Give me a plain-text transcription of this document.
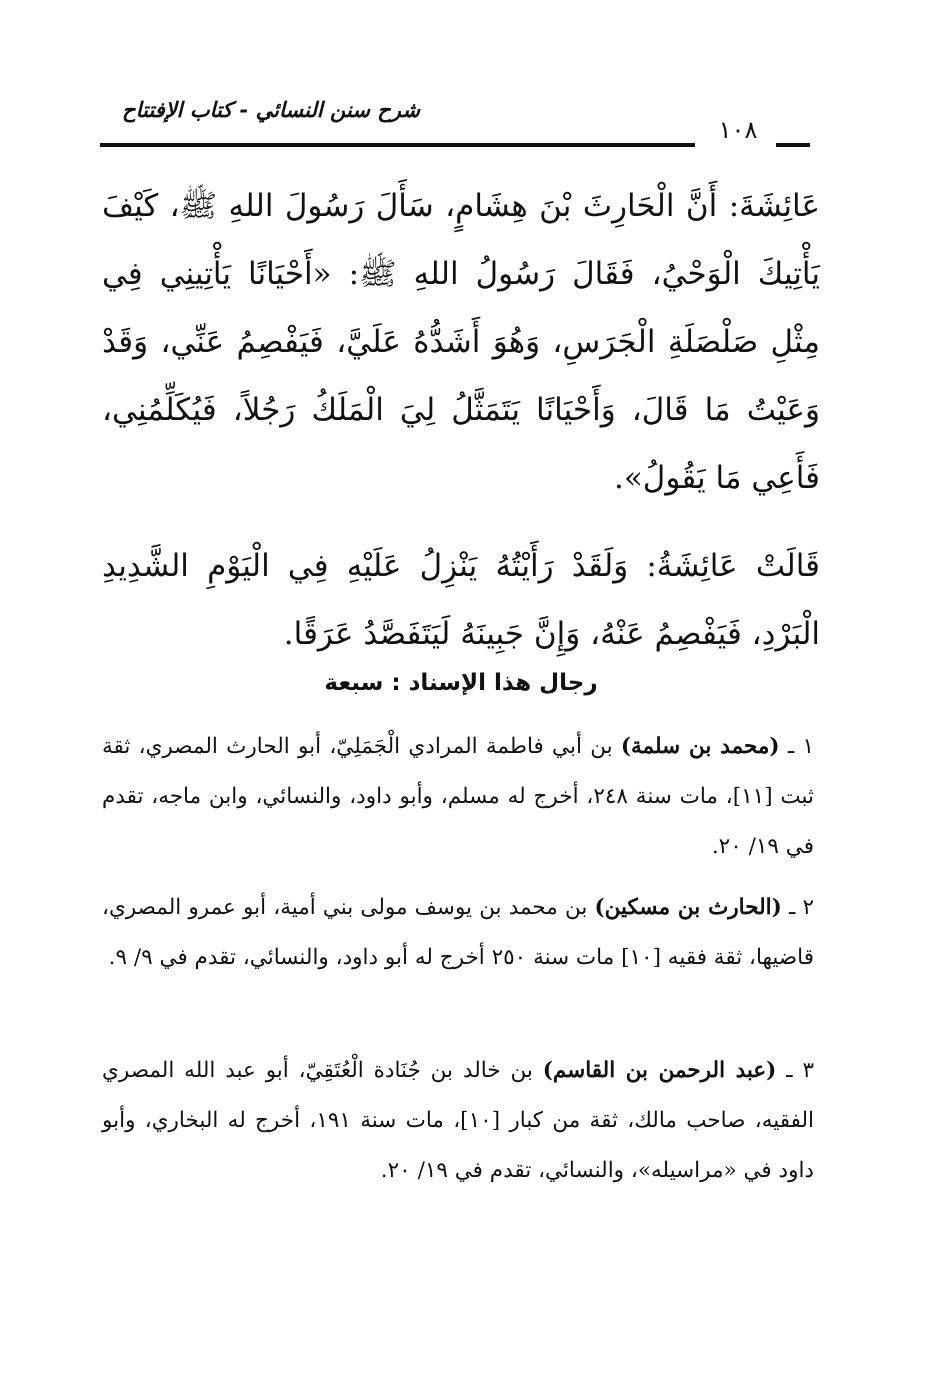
شرح سنن النسائي - كتاب الإفتتاح
١٠٨
عَائِشَةَ: أَنَّ الْحَارِثَ بْنَ هِشَامٍ، سَأَلَ رَسُولَ اللهِ ﷺ، كَيْفَ يَأْتِيكَ الْوَحْيُ، فَقَالَ رَسُولُ اللهِ ﷺ: «أَحْيَانًا يَأْتِينِي فِي مِثْلِ صَلْصَلَةِ الْجَرَسِ، وَهُوَ أَشَدُّهُ عَلَيَّ، فَيَفْصِمُ عَنِّي، وَقَدْ وَعَيْتُ مَا قَالَ، وَأَحْيَانًا يَتَمَثَّلُ لِيَ الْمَلَكُ رَجُلاً، فَيُكَلِّمُنِي، فَأَعِي مَا يَقُولُ».
قَالَتْ عَائِشَةُ: وَلَقَدْ رَأَيْتُهُ يَنْزِلُ عَلَيْهِ فِي الْيَوْمِ الشَّدِيدِ الْبَرْدِ، فَيَفْصِمُ عَنْهُ، وَإِنَّ جَبِينَهُ لَيَتَفَصَّدُ عَرَقًا.
رجال هذا الإسناد : سبعة
١ ـ (محمد بن سلمة) بن أبي فاطمة المرادي الْجَمَلِيّ، أبو الحارث المصري، ثقة ثبت [١١]، مات سنة ٢٤٨، أخرج له مسلم، وأبو داود، والنسائي، وابن ماجه، تقدم في ١٩/ ٢٠.
٢ ـ (الحارث بن مسكين) بن محمد بن يوسف مولى بني أمية، أبو عمرو المصري، قاضيها، ثقة فقيه [١٠] مات سنة ٢٥٠ أخرج له أبو داود، والنسائي، تقدم في ٩/ ٩.
٣ ـ (عبد الرحمن بن القاسم) بن خالد بن جُنَادة الْعُتَقِيّ، أبو عبد الله المصري الفقيه، صاحب مالك، ثقة من كبار [١٠]، مات سنة ١٩١، أخرج له البخاري، وأبو داود في «مراسيله»، والنسائي، تقدم في ١٩/ ٢٠.
